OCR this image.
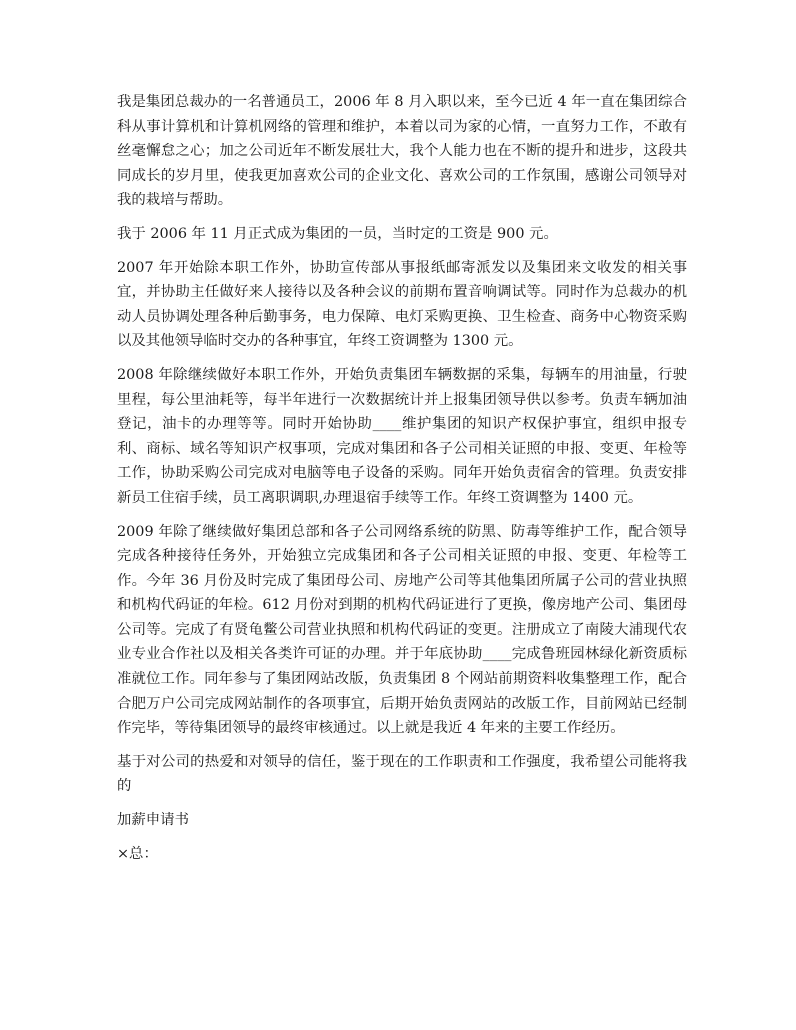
我是集团总裁办的一名普通员工，2006 年 8 月入职以来，至今已近 4 年一直在集团综合科从事计算机和计算机网络的管理和维护，本着以司为家的心情，一直努力工作，不敢有丝毫懈怠之心；加之公司近年不断发展壮大，我个人能力也在不断的提升和进步，这段共同成长的岁月里，使我更加喜欢公司的企业文化、喜欢公司的工作氛围，感谢公司领导对我的栽培与帮助。

我于 2006 年 11 月正式成为集团的一员，当时定的工资是 900 元。

2007 年开始除本职工作外，协助宣传部从事报纸邮寄派发以及集团来文收发的相关事宜，并协助主任做好来人接待以及各种会议的前期布置音响调试等。同时作为总裁办的机动人员协调处理各种后勤事务，电力保障、电灯采购更换、卫生检查、商务中心物资采购以及其他领导临时交办的各种事宜，年终工资调整为 1300 元。

2008 年除继续做好本职工作外，开始负责集团车辆数据的采集，每辆车的用油量，行驶里程，每公里油耗等，每半年进行一次数据统计并上报集团领导供以参考。负责车辆加油登记，油卡的办理等等。同时开始协助____维护集团的知识产权保护事宜，组织申报专利、商标、域名等知识产权事项，完成对集团和各子公司相关证照的申报、变更、年检等工作，协助采购公司完成对电脑等电子设备的采购。同年开始负责宿舍的管理。负责安排新员工住宿手续，员工离职调职,办理退宿手续等工作。年终工资调整为 1400 元。

2009 年除了继续做好集团总部和各子公司网络系统的防黑、防毒等维护工作，配合领导完成各种接待任务外，开始独立完成集团和各子公司相关证照的申报、变更、年检等工作。今年 36 月份及时完成了集团母公司、房地产公司等其他集团所属子公司的营业执照和机构代码证的年检。612 月份对到期的机构代码证进行了更换，像房地产公司、集团母公司等。完成了有贤龟鳖公司营业执照和机构代码证的变更。注册成立了南陵大浦现代农业专业合作社以及相关各类许可证的办理。并于年底协助____完成鲁班园林绿化新资质标准就位工作。同年参与了集团网站改版，负责集团 8 个网站前期资料收集整理工作，配合合肥万户公司完成网站制作的各项事宜，后期开始负责网站的改版工作，目前网站已经制作完毕，等待集团领导的最终审核通过。以上就是我近 4 年来的主要工作经历。

基于对公司的热爱和对领导的信任，鉴于现在的工作职责和工作强度，我希望公司能将我的

加薪申请书

×总：
